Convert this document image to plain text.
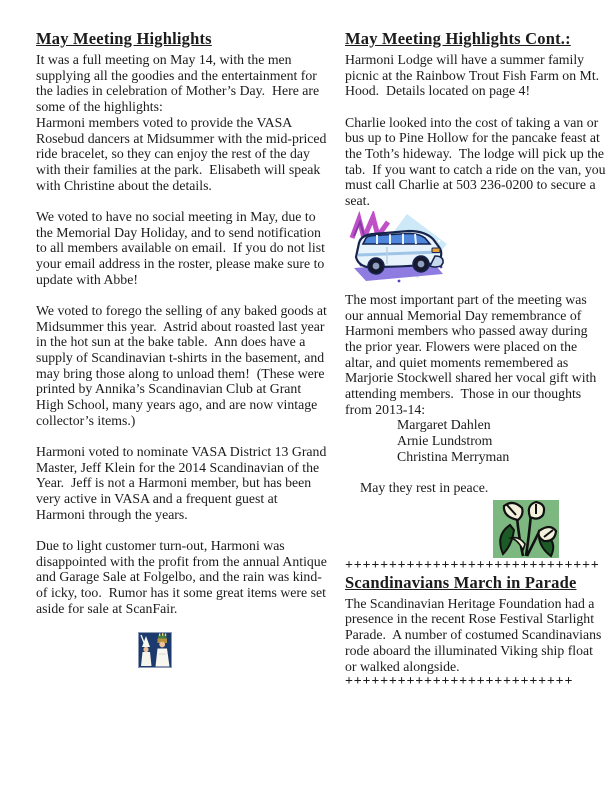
May Meeting Highlights

It was a full meeting on May 14, with the men supplying all the goodies and the entertainment for the ladies in celebration of Mother’s Day.  Here are some of the highlights:

Harmoni members voted to provide the VASA Rosebud dancers at Midsummer with the mid-priced ride bracelet, so they can enjoy the rest of the day with their families at the park.  Elisabeth will speak with Christine about the details.

We voted to have no social meeting in May, due to the Memorial Day Holiday, and to send notification to all members available on email.  If you do not list your email address in the roster, please make sure to update with Abbe!

We voted to forego the selling of any baked goods at Midsummer this year.  Astrid about roasted last year in the hot sun at the bake table.  Ann does have a supply of Scandinavian t-shirts in the basement, and may bring those along to unload them!  (These were printed by Annika’s Scandinavian Club at Grant High School, many years ago, and are now vintage collector’s items.)

Harmoni voted to nominate VASA District 13 Grand Master, Jeff Klein for the 2014 Scandinavian of the Year.  Jeff is not a Harmoni member, but has been very active in VASA and a frequent guest at Harmoni through the years.

Due to light customer turn-out, Harmoni was disappointed with the profit from the annual Antique and Garage Sale at Folgelbo, and the rain was kind-of icky, too.  Rumor has it some great items were set aside for sale at ScanFair.

May Meeting Highlights Cont.:

Harmoni Lodge will have a summer family picnic at the Rainbow Trout Fish Farm on Mt. Hood.  Details located on page 4!

Charlie looked into the cost of taking a van or bus up to Pine Hollow for the pancake feast at the Toth’s hideway.  The lodge will pick up the tab.  If you want to catch a ride on the van, you must call Charlie at 503 236-0200 to secure a seat.

The most important part of the meeting was our annual Memorial Day remembrance of Harmoni members who passed away during the prior year. Flowers were placed on the altar, and quiet moments remembered as Marjorie Stockwell shared her vocal gift with attending members.  Those in our thoughts from 2013-14:

Margaret Dahlen
Arnie Lundstrom
Christina Merryman
May they rest in peace.
+++++++++++++++++++++++++++++
Scandinavians March in Parade

The Scandinavian Heritage Foundation had a presence in the recent Rose Festival Starlight Parade.  A number of costumed Scandinavians rode aboard the illuminated Viking ship float or walked alongside.

++++++++++++++++++++++++++
